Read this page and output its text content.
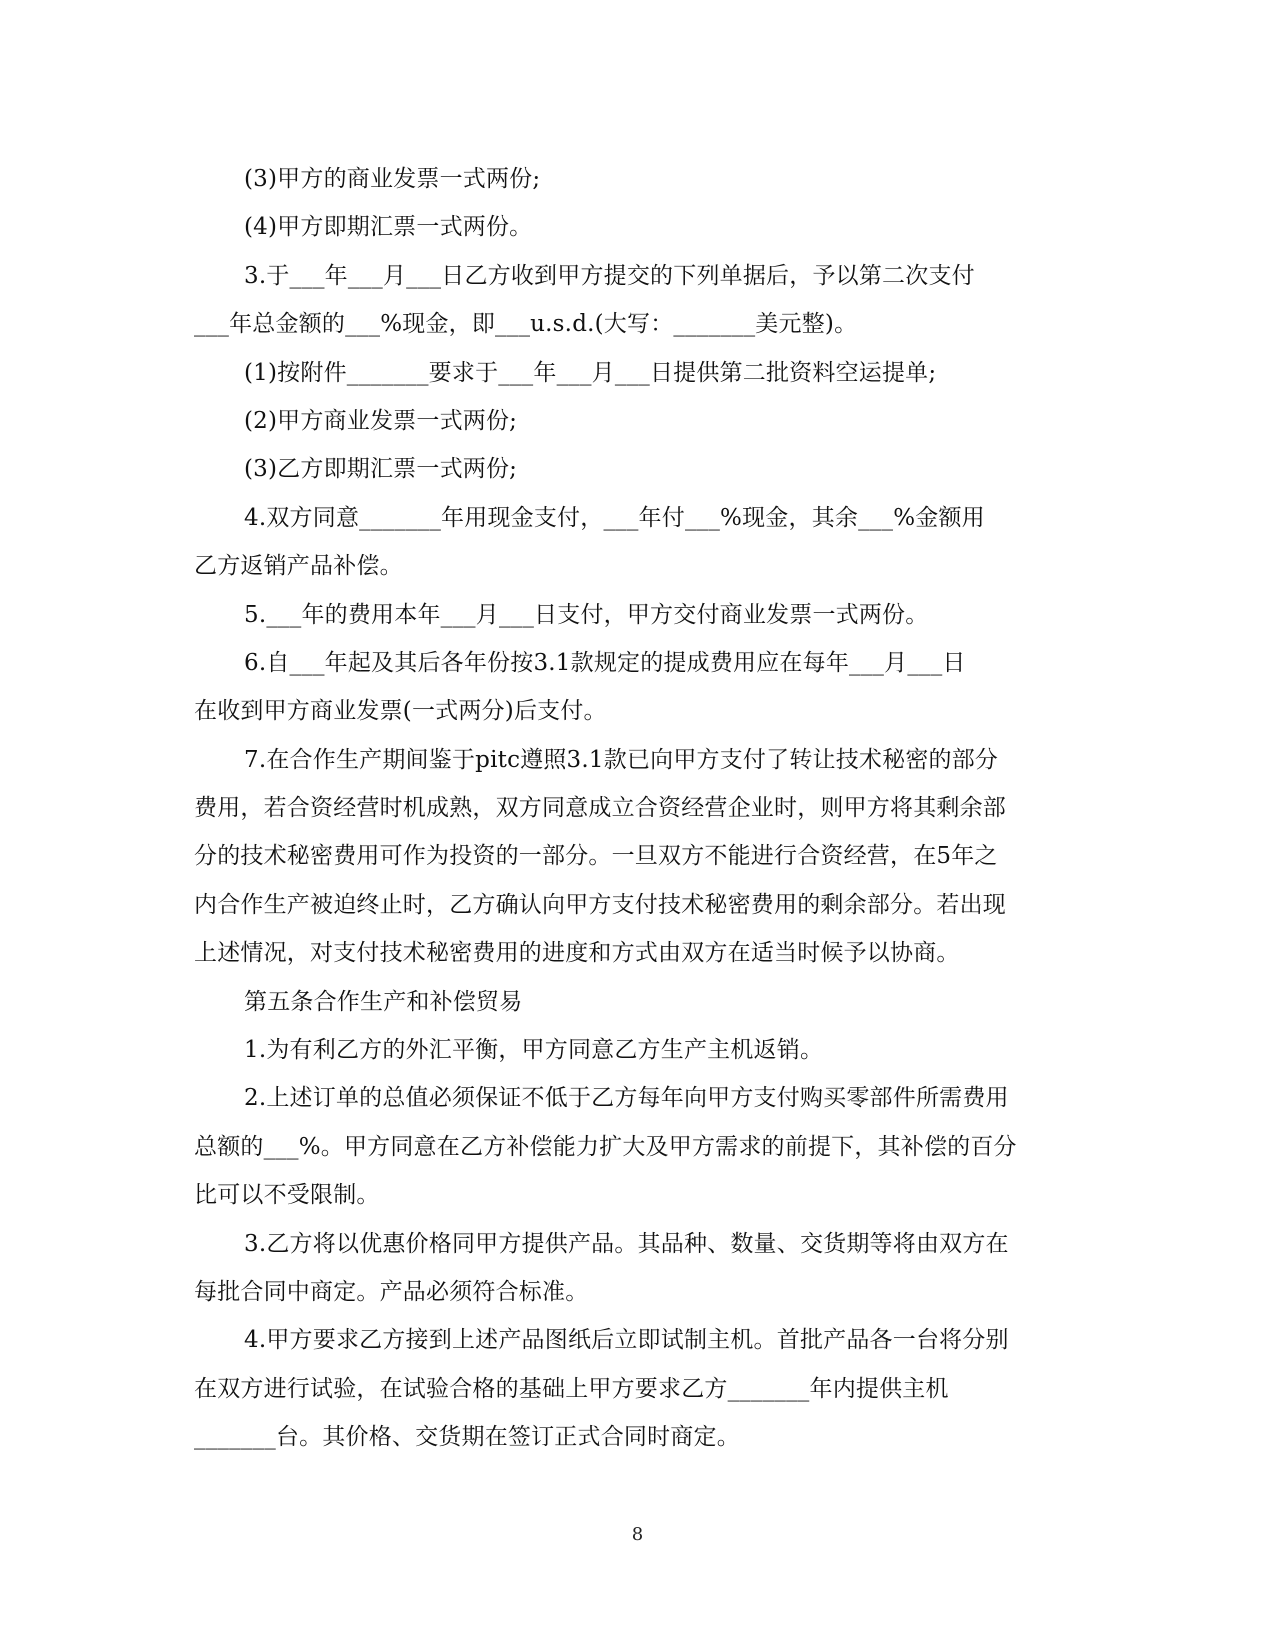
(3)甲方的商业发票一式两份;
(4)甲方即期汇票一式两份。
3.于___年___月___日乙方收到甲方提交的下列单据后，予以第二次支付
___年总金额的___%现金，即___u.s.d.(大写：_______美元整)。
(1)按附件_______要求于___年___月___日提供第二批资料空运提单;
(2)甲方商业发票一式两份;
(3)乙方即期汇票一式两份;
4.双方同意_______年用现金支付，___年付___%现金，其余___%金额用
乙方返销产品补偿。
5.___年的费用本年___月___日支付，甲方交付商业发票一式两份。
6.自___年起及其后各年份按3.1款规定的提成费用应在每年___月___日
在收到甲方商业发票(一式两分)后支付。
7.在合作生产期间鉴于pitc遵照3.1款已向甲方支付了转让技术秘密的部分
费用，若合资经营时机成熟，双方同意成立合资经营企业时，则甲方将其剩余部
分的技术秘密费用可作为投资的一部分。一旦双方不能进行合资经营，在5年之
内合作生产被迫终止时，乙方确认向甲方支付技术秘密费用的剩余部分。若出现
上述情况，对支付技术秘密费用的进度和方式由双方在适当时候予以协商。
第五条合作生产和补偿贸易
1.为有利乙方的外汇平衡，甲方同意乙方生产主机返销。
2.上述订单的总值必须保证不低于乙方每年向甲方支付购买零部件所需费用
总额的___%。甲方同意在乙方补偿能力扩大及甲方需求的前提下，其补偿的百分
比可以不受限制。
3.乙方将以优惠价格同甲方提供产品。其品种、数量、交货期等将由双方在
每批合同中商定。产品必须符合标准。
4.甲方要求乙方接到上述产品图纸后立即试制主机。首批产品各一台将分别
在双方进行试验，在试验合格的基础上甲方要求乙方_______年内提供主机
_______台。其价格、交货期在签订正式合同时商定。
8
